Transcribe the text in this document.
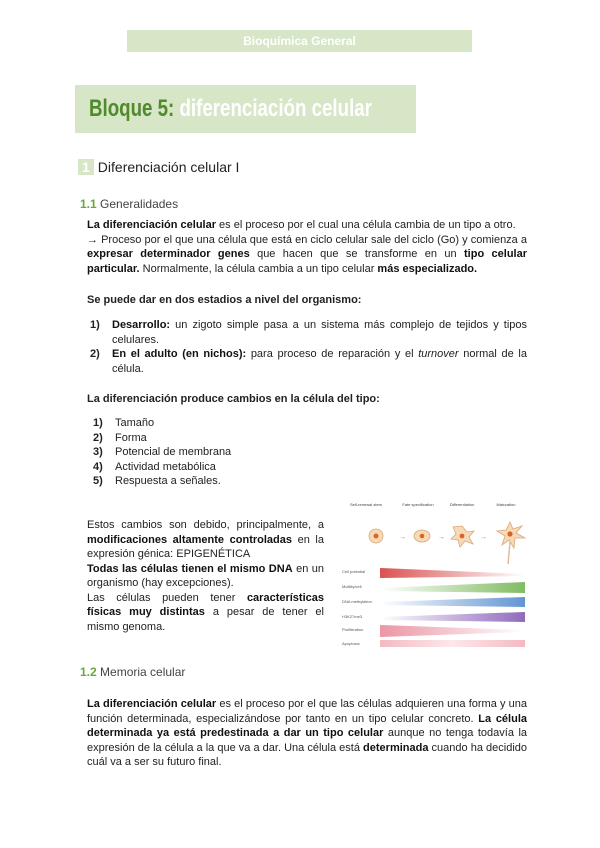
Bioquímica General
Bloque 5: diferenciación celular
1 Diferenciación celular I
1.1 Generalidades
La diferenciación celular es el proceso por el cual una célula cambia de un tipo a otro.
→ Proceso por el que una célula que está en ciclo celular sale del ciclo (Go) y comienza a expresar determinador genes que hacen que se transforme en un tipo celular particular. Normalmente, la célula cambia a un tipo celular más especializado.
Se puede dar en dos estadios a nivel del organismo:
1) Desarrollo: un zigoto simple pasa a un sistema más complejo de tejidos y tipos celulares.
2) En el adulto (en nichos): para proceso de reparación y el turnover normal de la célula.
La diferenciación produce cambios en la célula del tipo:
1) Tamaño
2) Forma
3) Potencial de membrana
4) Actividad metabólica
5) Respuesta a señales.
Estos cambios son debido, principalmente, a modificaciones altamente controladas en la expresión génica: EPIGENÉTICA
Todas las células tienen el mismo DNA en un organismo (hay excepciones).
Las células pueden tener características físicas muy distintas a pesar de tener el mismo genoma.
Self-renewal stem	Fate specification	Differentiation	Maturation
→	→	→
Cell potential
Motility/cell
DNA methylation
H3K27me3
Proliferation
Apoptosis
1.2 Memoria celular
La diferenciación celular es el proceso por el que las células adquieren una forma y una función determinada, especializándose por tanto en un tipo celular concreto. La célula determinada ya está predestinada a dar un tipo celular aunque no tenga todavía la expresión de la célula a la que va a dar. Una célula está determinada cuando ha decidido cuál va a ser su futuro final.
